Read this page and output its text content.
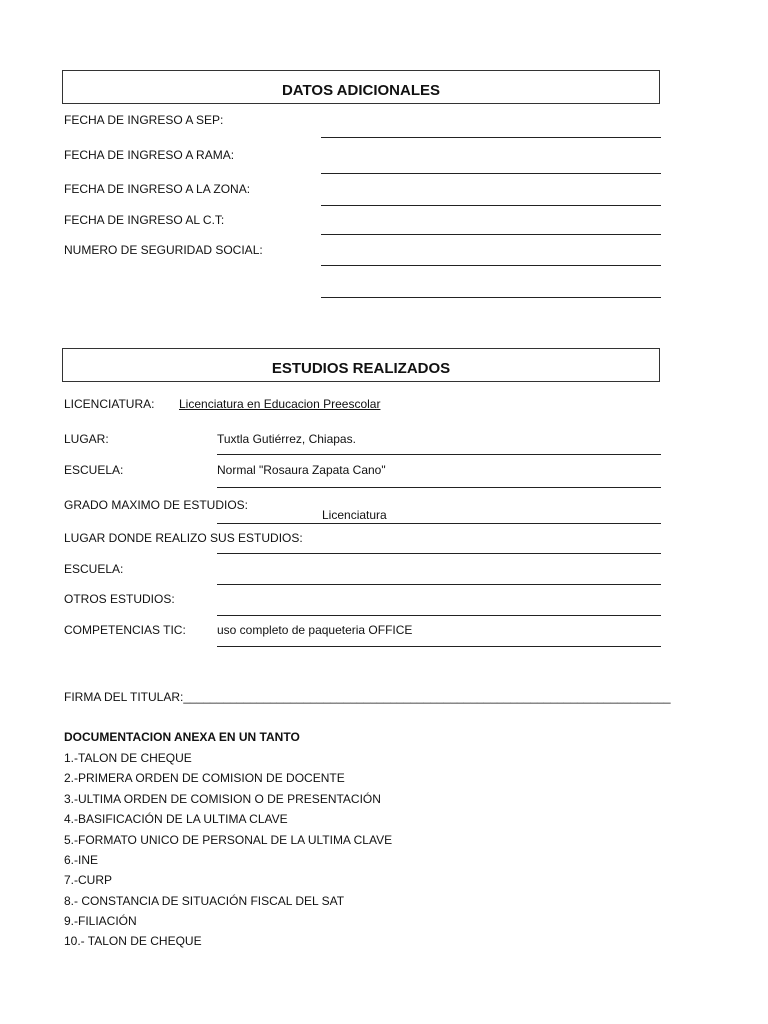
DATOS ADICIONALES
FECHA DE INGRESO A SEP:
FECHA DE INGRESO A RAMA:
FECHA DE INGRESO A LA ZONA:
FECHA DE INGRESO AL C.T:
NUMERO DE SEGURIDAD SOCIAL:
ESTUDIOS REALIZADOS
LICENCIATURA: Licenciatura en Educacion Preescolar
LUGAR:	Tuxtla Gutiérrez, Chiapas.
ESCUELA:	Normal "Rosaura Zapata Cano"
GRADO MAXIMO DE ESTUDIOS:
Licenciatura
LUGAR DONDE REALIZO SUS ESTUDIOS:
ESCUELA:
OTROS ESTUDIOS:
COMPETENCIAS TIC:	uso completo de paqueteria OFFICE
FIRMA DEL TITULAR:_________________________________________________________________________
DOCUMENTACION ANEXA EN UN TANTO
1.-TALON DE CHEQUE
2.-PRIMERA ORDEN DE COMISION DE DOCENTE
3.-ULTIMA ORDEN DE COMISION O DE PRESENTACIÓN
4.-BASIFICACIÓN DE LA ULTIMA CLAVE
5.-FORMATO UNICO DE PERSONAL DE LA ULTIMA CLAVE
6.-INE
7.-CURP
8.- CONSTANCIA DE SITUACIÓN FISCAL DEL SAT
9.-FILIACIÓN
10.- TALON DE CHEQUE
